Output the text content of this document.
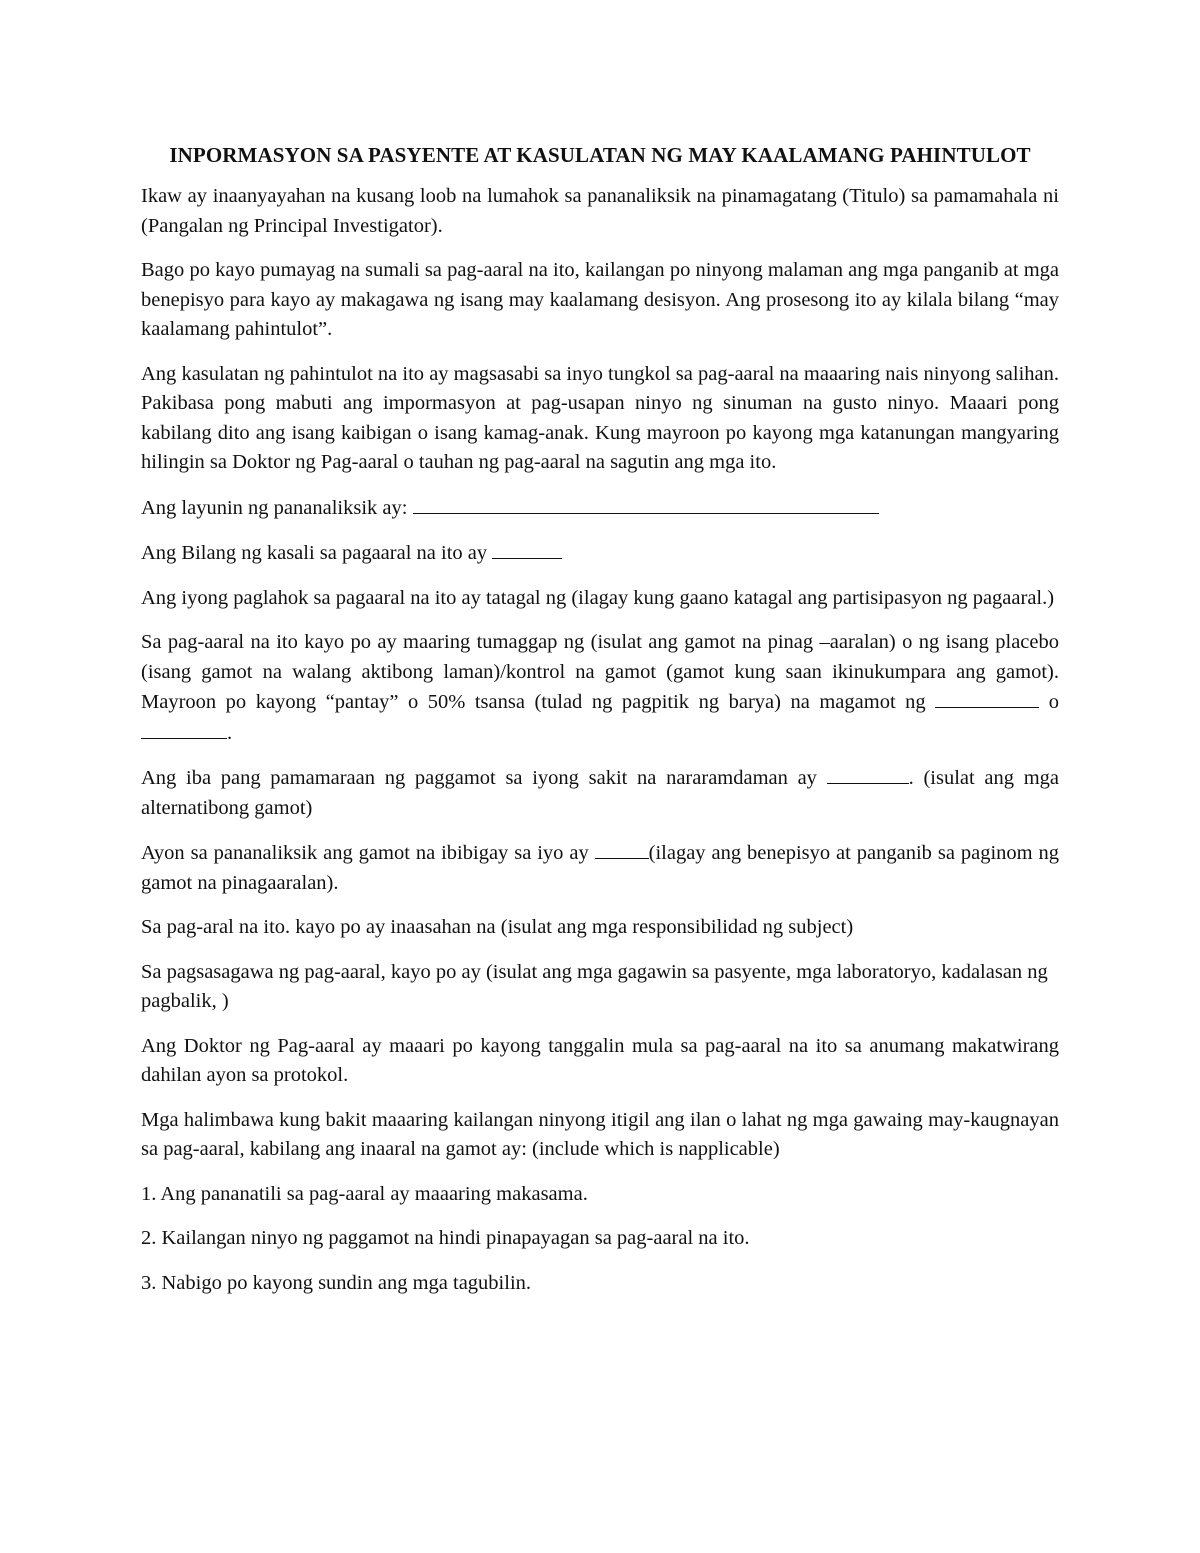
INPORMASYON SA PASYENTE AT KASULATAN NG MAY KAALAMANG PAHINTULOT

Ikaw ay inaanyayahan na kusang loob na lumahok sa pananaliksik na pinamagatang (Titulo) sa pamamahala ni (Pangalan ng Principal Investigator).

Bago po kayo pumayag na sumali sa pag-aaral na ito, kailangan po ninyong malaman ang mga panganib at mga benepisyo para kayo ay makagawa ng isang may kaalamang desisyon. Ang prosesong ito ay kilala bilang “may kaalamang pahintulot”.

Ang kasulatan ng pahintulot na ito ay magsasabi sa inyo tungkol sa pag-aaral na maaaring nais ninyong salihan. Pakibasa pong mabuti ang impormasyon at pag-usapan ninyo ng sinuman na gusto ninyo. Maaari pong kabilang dito ang isang kaibigan o isang kamag-anak. Kung mayroon po kayong mga katanungan mangyaring hilingin sa Doktor ng Pag-aaral o tauhan ng pag-aaral na sagutin ang mga ito.

Ang layunin ng pananaliksik ay:

Ang Bilang ng kasali sa pagaaral na ito ay

Ang iyong paglahok sa pagaaral na ito ay tatagal ng (ilagay kung gaano katagal ang partisipasyon ng pagaaral.)

Sa pag-aaral na ito kayo po ay maaring tumaggap ng (isulat ang gamot na pinag –aaralan) o ng isang placebo (isang gamot na walang aktibong laman)/kontrol na gamot (gamot kung saan ikinukumpara ang gamot). Mayroon po kayong “pantay” o 50% tsansa (tulad ng pagpitik ng barya) na magamot ng	o .

Ang iba pang pamamaraan ng paggamot sa iyong sakit na nararamdaman ay	. (isulat ang mga alternatibong gamot)

Ayon sa pananaliksik ang gamot na ibibigay sa iyo ay	(ilagay ang benepisyo at panganib sa paginom ng gamot na pinagaaralan).

Sa pag-aral na ito. kayo po ay inaasahan na (isulat ang mga responsibilidad ng subject)

Sa pagsasagawa ng pag-aaral, kayo po ay (isulat ang mga gagawin sa pasyente, mga laboratoryo, kadalasan ng pagbalik, )

Ang Doktor ng Pag-aaral ay maaari po kayong tanggalin mula sa pag-aaral na ito sa anumang makatwirang dahilan ayon sa protokol.

Mga halimbawa kung bakit maaaring kailangan ninyong itigil ang ilan o lahat ng mga gawaing may-kaugnayan sa pag-aaral, kabilang ang inaaral na gamot ay: (include which is napplicable)

1. Ang pananatili sa pag-aaral ay maaaring makasama.
2. Kailangan ninyo ng paggamot na hindi pinapayagan sa pag-aaral na ito.
3. Nabigo po kayong sundin ang mga tagubilin.
